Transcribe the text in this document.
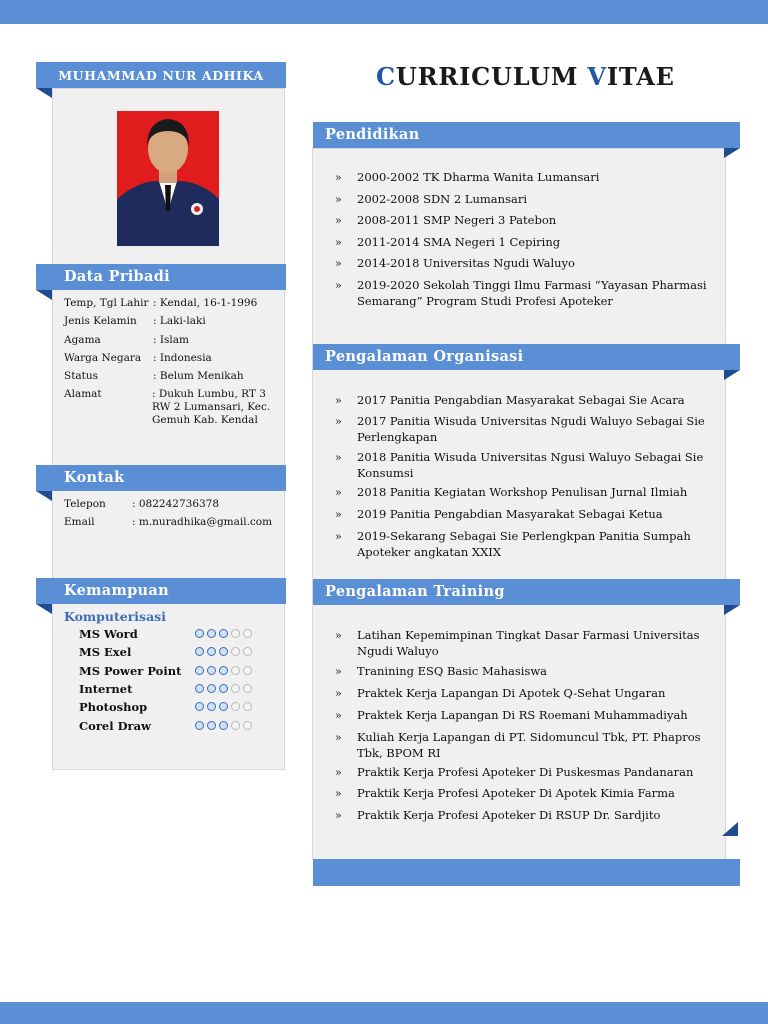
MUHAMMAD NUR ADHIKA
Data Pribadi
Temp, Tgl Lahir : Kendal, 16-1-1996
Jenis Kelamin : Laki-laki
Agama	: Islam
Warga Negara : Indonesia
Status	: Belum Menikah
Alamat	: Dukuh Lumbu, RT 3
RW 2 Lumansari, Kec.
Gemuh Kab. Kendal
Kontak
Telepon : 082242736378
Email	: m.nuradhika@gmail.com
Kemampuan
Komputerisasi
MS Word
MS Exel
MS Power Point
Internet
Photoshop
Corel Draw
CURRICULUM VITAE
Pendidikan
» 2000-2002 TK Dharma Wanita Lumansari
» 2002-2008 SDN 2 Lumansari
» 2008-2011 SMP Negeri 3 Patebon
» 2011-2014 SMA Negeri 1 Cepiring
» 2014-2018 Universitas Ngudi Waluyo
» 2019-2020 Sekolah Tinggi Ilmu Farmasi “Yayasan Pharmasi Semarang” Program Studi Profesi Apoteker
Pengalaman Organisasi
» 2017 Panitia Pengabdian Masyarakat Sebagai Sie Acara
» 2017 Panitia Wisuda Universitas Ngudi Waluyo Sebagai Sie Perlengkapan
» 2018 Panitia Wisuda Universitas Ngusi Waluyo Sebagai Sie Konsumsi
» 2018 Panitia Kegiatan Workshop Penulisan Jurnal Ilmiah
» 2019 Panitia Pengabdian Masyarakat Sebagai Ketua
» 2019-Sekarang Sebagai Sie Perlengkpan Panitia Sumpah Apoteker angkatan XXIX
Pengalaman Training
» Latihan Kepemimpinan Tingkat Dasar Farmasi Universitas Ngudi Waluyo
» Tranining ESQ Basic Mahasiswa
» Praktek Kerja Lapangan Di Apotek Q-Sehat Ungaran
» Praktek Kerja Lapangan Di RS Roemani Muhammadiyah
» Kuliah Kerja Lapangan di PT. Sidomuncul Tbk, PT. Phapros Tbk, BPOM RI
» Praktik Kerja Profesi Apoteker Di Puskesmas Pandanaran
» Praktik Kerja Profesi Apoteker Di Apotek Kimia Farma
» Praktik Kerja Profesi Apoteker Di RSUP Dr. Sardjito
